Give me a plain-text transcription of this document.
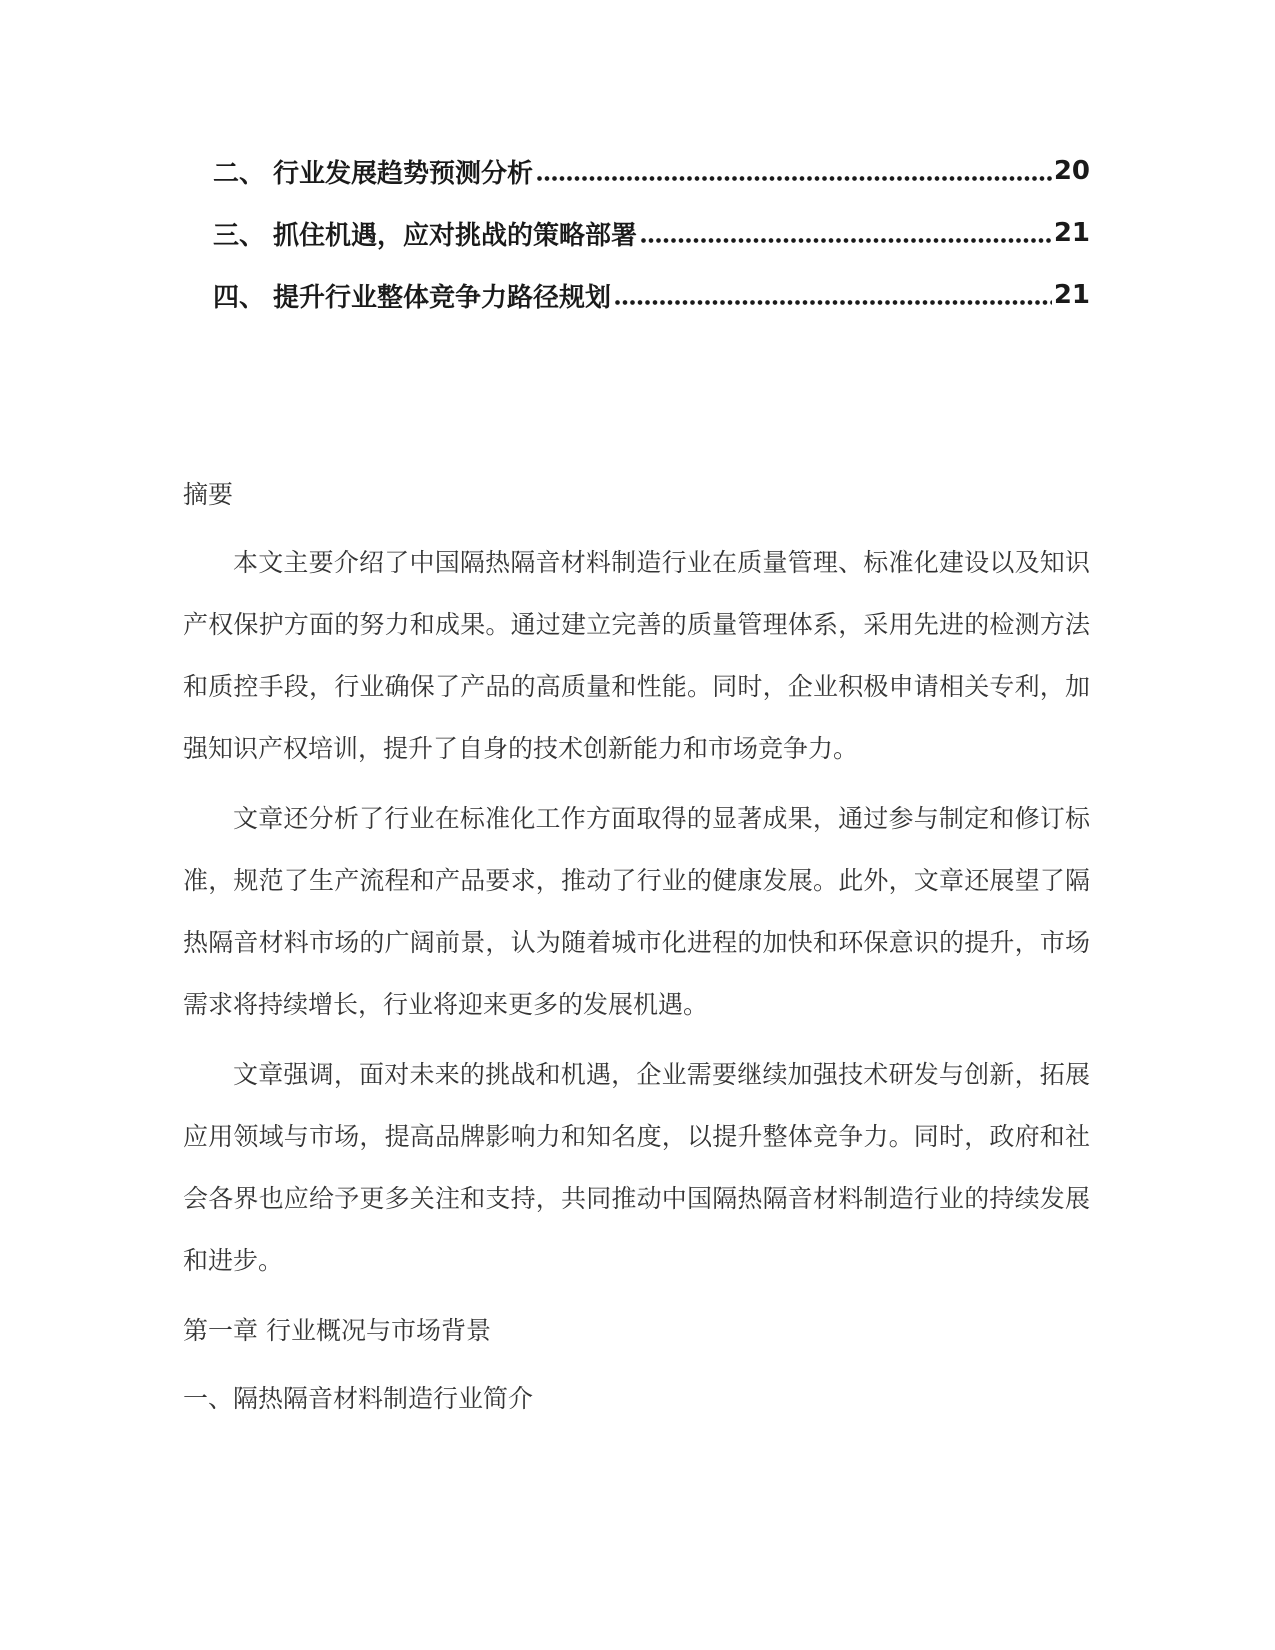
二、 行业发展趋势预测分析	20
三、 抓住机遇，应对挑战的策略部署	21
四、 提升行业整体竞争力路径规划	21
摘要

本文主要介绍了中国隔热隔音材料制造行业在质量管理、标准化建设以及知识产权保护方面的努力和成果。通过建立完善的质量管理体系，采用先进的检测方法和质控手段，行业确保了产品的高质量和性能。同时，企业积极申请相关专利，加强知识产权培训，提升了自身的技术创新能力和市场竞争力。

文章还分析了行业在标准化工作方面取得的显著成果，通过参与制定和修订标准，规范了生产流程和产品要求，推动了行业的健康发展。此外，文章还展望了隔热隔音材料市场的广阔前景，认为随着城市化进程的加快和环保意识的提升，市场需求将持续增长，行业将迎来更多的发展机遇。

文章强调，面对未来的挑战和机遇，企业需要继续加强技术研发与创新，拓展应用领域与市场，提高品牌影响力和知名度，以提升整体竞争力。同时，政府和社会各界也应给予更多关注和支持，共同推动中国隔热隔音材料制造行业的持续发展和进步。

第一章 行业概况与市场背景
一、隔热隔音材料制造行业简介
